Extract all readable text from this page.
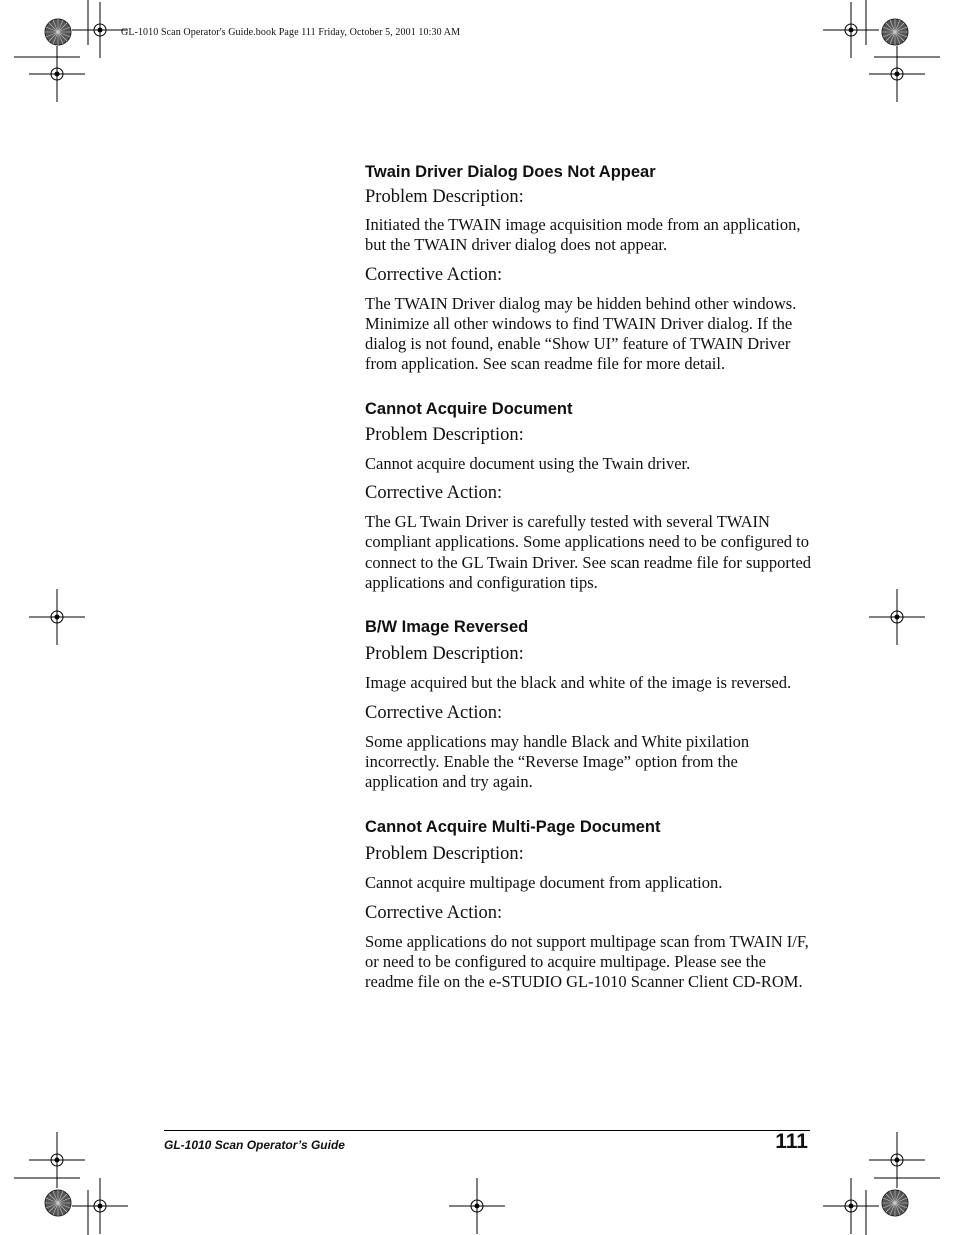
GL-1010 Scan Operator's Guide.book Page 111 Friday, October 5, 2001 10:30 AM
Twain Driver Dialog Does Not Appear

Problem Description:

Initiated the TWAIN image acquisition mode from an application, but the TWAIN driver dialog does not appear.

Corrective Action:

The TWAIN Driver dialog may be hidden behind other windows. Minimize all other windows to find TWAIN Driver dialog. If the dialog is not found, enable “Show UI” feature of TWAIN Driver from application. See scan readme file for more detail.

Cannot Acquire Document

Problem Description:

Cannot acquire document using the Twain driver.

Corrective Action:

The GL Twain Driver is carefully tested with several TWAIN compliant applications. Some applications need to be configured to connect to the GL Twain Driver. See scan readme file for supported applications and configuration tips.

B/W Image Reversed

Problem Description:

Image acquired but the black and white of the image is reversed.

Corrective Action:

Some applications may handle Black and White pixilation incorrectly. Enable the “Reverse Image” option from the application and try again.

Cannot Acquire Multi-Page Document

Problem Description:

Cannot acquire multipage document from application.

Corrective Action:

Some applications do not support multipage scan from TWAIN I/F, or need to be configured to acquire multipage. Please see the readme file on the e-STUDIO GL-1010 Scanner Client CD-ROM.

GL-1010 Scan Operator’s Guide	111
